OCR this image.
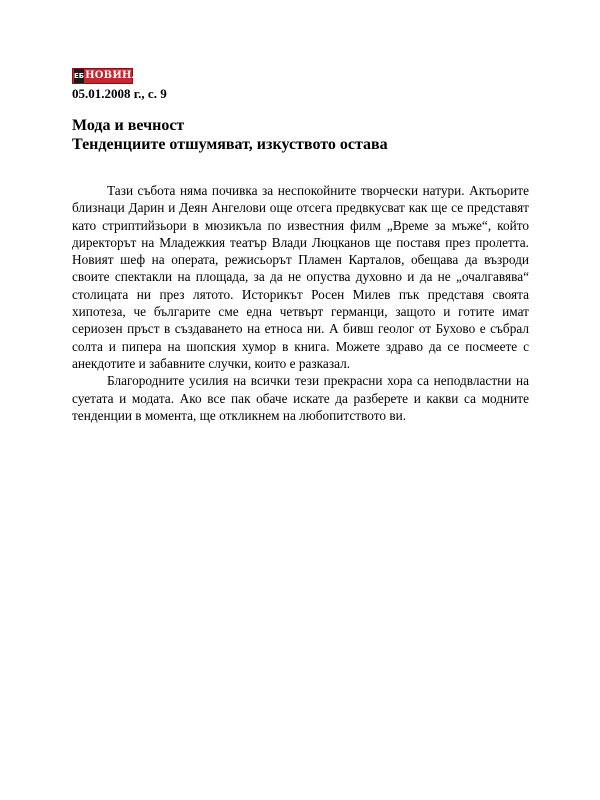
ЕБ НОВИНАР
05.01.2008 г., с. 9

Мода и вечност

Тенденциите отшумяват, изкуството остава

Тази събота няма почивка за неспокойните творчески натури. Актьорите близнаци Дарин и Деян Ангелови още отсега предвкусват как ще се представят като стриптийзьори в мюзикъла по известния филм „Време за мъже“, който директорът на Младежкия театър Влади Люцканов ще поставя през пролетта. Новият шеф на операта, режисьорът Пламен Карталов, обещава да възроди своите спектакли на площада, за да не опуства духовно и да не „очалгавява“ столицата ни през лятото. Историкът Росен Милев пък представя своята хипотеза, че българите сме една четвърт германци, защото и готите имат сериозен пръст в създаването на етноса ни. А бивш геолог от Бухово е събрал солта и пипера на шопския хумор в книга. Можете здраво да се посмеете с анекдотите и забавните случки, които е разказал.

Благородните усилия на всички тези прекрасни хора са неподвластни на суетата и модата. Ако все пак обаче искате да разберете и какви са модните тенденции в момента, ще откликнем на любопитството ви.
